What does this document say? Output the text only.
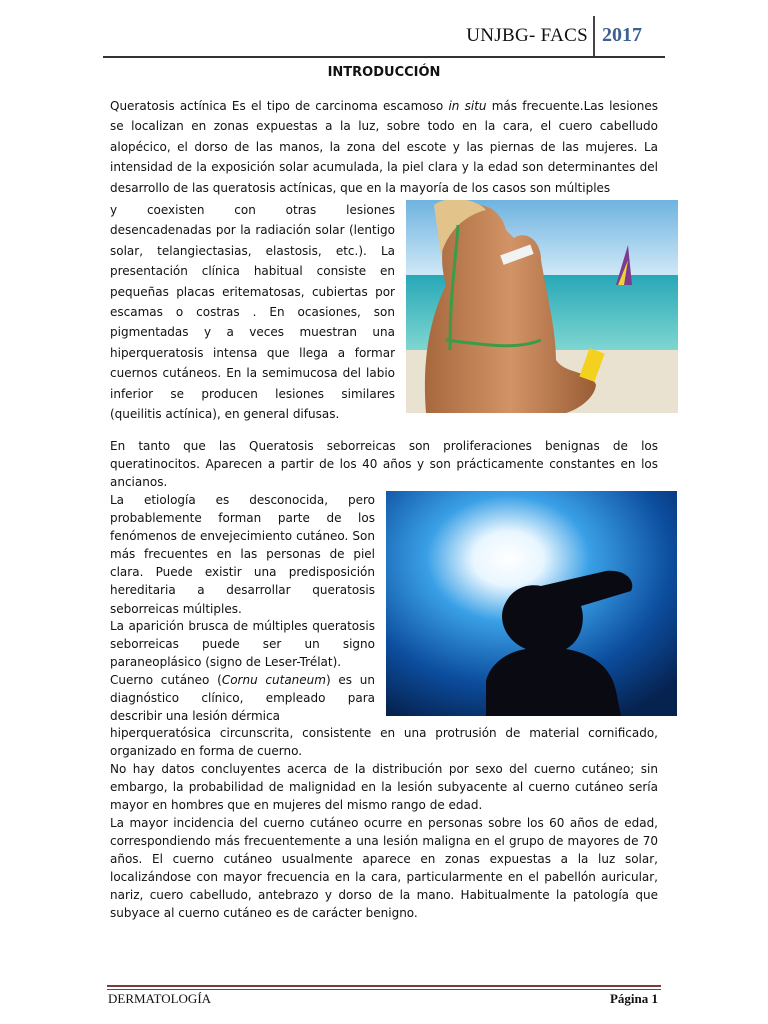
UNJBG- FACS 2017
INTRODUCCIÓN

Queratosis actínica Es el tipo de carcinoma escamoso in situ más frecuente.Las lesiones se localizan en zonas expuestas a la luz, sobre todo en la cara, el cuero cabelludo alopécico, el dorso de las manos, la zona del escote y las piernas de las mujeres. La intensidad de la exposición solar acumulada, la piel clara y la edad son determinantes del desarrollo de las queratosis actínicas, que en la mayoría de los casos son múltiples

y coexisten con otras lesiones desencadenadas por la radiación solar (lentigo solar, telangiectasias, elastosis, etc.). La presentación clínica habitual consiste en pequeñas placas eritematosas, cubiertas por escamas o costras . En ocasiones, son pigmentadas y a veces muestran una hiperqueratosis intensa que llega a formar cuernos cutáneos. En la semimucosa del labio inferior se producen lesiones similares (queilitis actínica), en general difusas.

En tanto que las Queratosis seborreicas son proliferaciones benignas de los queratinocitos. Aparecen a partir de los 40 años y son prácticamente constantes en los ancianos.

La etiología es desconocida, pero probablemente forman parte de los fenómenos de envejecimiento cutáneo. Son más frecuentes en las personas de piel clara. Puede existir una predisposición hereditaria a desarrollar queratosis seborreicas múltiples.

La aparición brusca de múltiples queratosis seborreicas puede ser un signo paraneoplásico (signo de Leser-Trélat).

Cuerno cutáneo (Cornu cutaneum) es un diagnóstico clínico, empleado para describir una lesión dérmica

hiperqueratósica circunscrita, consistente en una protrusión de material cornificado, organizado en forma de cuerno.

No hay datos concluyentes acerca de la distribución por sexo del cuerno cutáneo; sin embargo, la probabilidad de malignidad en la lesión subyacente al cuerno cutáneo sería mayor en hombres que en mujeres del mismo rango de edad.

La mayor incidencia del cuerno cutáneo ocurre en personas sobre los 60 años de edad, correspondiendo más frecuentemente a una lesión maligna en el grupo de mayores de 70 años. El cuerno cutáneo usualmente aparece en zonas expuestas a la luz solar, localizándose con mayor frecuencia en la cara, particularmente en el pabellón auricular, nariz, cuero cabelludo, antebrazo y dorso de la mano. Habitualmente la patología que subyace al cuerno cutáneo es de carácter benigno.

DERMATOLOGÍA	Página 1
